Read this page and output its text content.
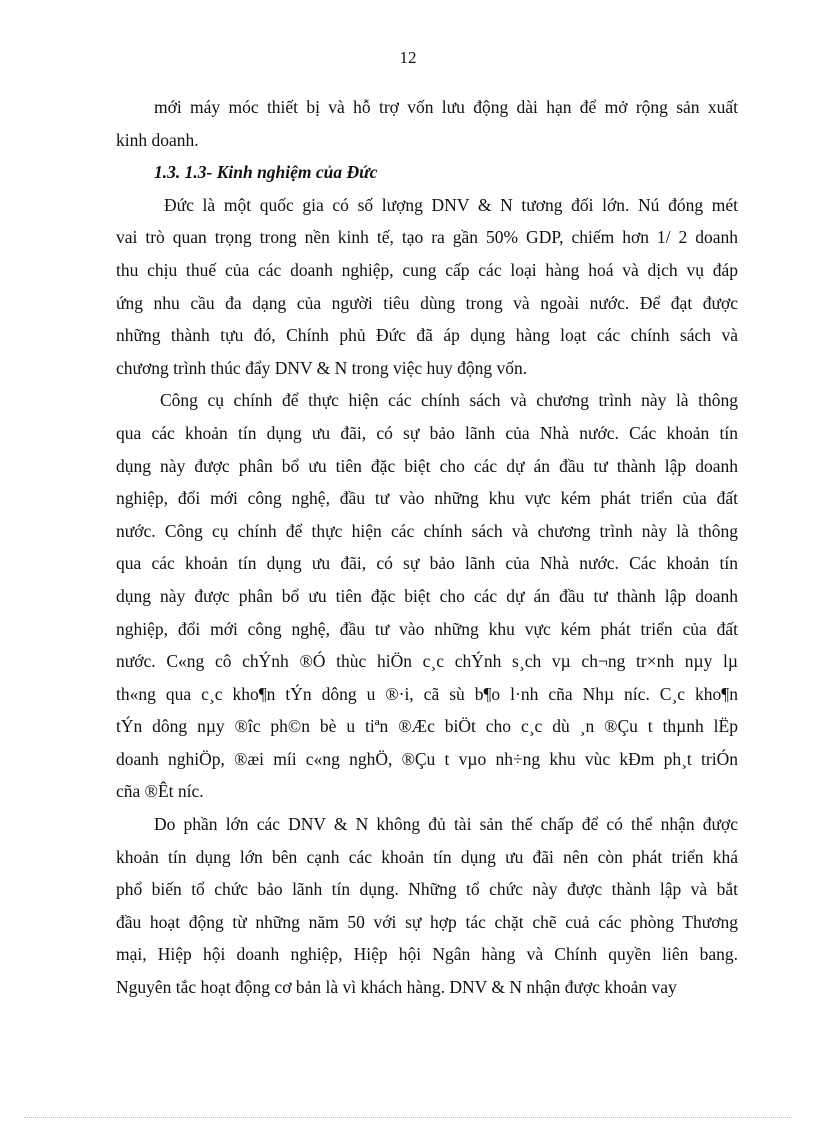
12
mới máy móc thiết bị và hỗ trợ vốn lưu động dài hạn để mở rộng sản xuất
kinh doanh.
1.3. 1.3- Kinh nghiệm của Đức
Đức là một quốc gia có số lượng DNV & N tương đối lớn. Nú đóng mét
vai trò quan trọng trong nền kinh tế, tạo ra gần 50% GDP, chiếm hơn 1/ 2 doanh
thu chịu thuế của các doanh nghiệp, cung cấp các loại hàng hoá và dịch vụ đáp
ứng nhu cầu đa dạng của người tiêu dùng trong và ngoài nước. Để đạt được
những thành tựu đó, Chính phủ Đức đã áp dụng hàng loạt các chính sách và
chương trình thúc đẩy DNV & N trong việc huy động vốn.
Công cụ chính để thực hiện các chính sách và chương trình này là thông
qua các khoản tín dụng ưu đãi, có sự bảo lãnh của Nhà nước. Các khoản tín
dụng này được phân bổ ưu tiên đặc biệt cho các dự án đầu tư thành lập doanh
nghiệp, đổi mới công nghệ, đầu tư vào những khu vực kém phát triển của đất
nước. Công cụ chính để thực hiện các chính sách và chương trình này là thông
qua các khoản tín dụng ưu đãi, có sự bảo lãnh của Nhà nước. Các khoản tín
dụng này được phân bổ ưu tiên đặc biệt cho các dự án đầu tư thành lập doanh
nghiệp, đổi mới công nghệ, đầu tư vào những khu vực kém phát triển của đất
nước. C«ng cô chÝnh ®Ó thùc hiÖn c¸c chÝnh s¸ch vµ ch¬ng tr×nh nµy lµ
th«ng qua c¸c kho¶n tÝn dông u ®·i, cã sù b¶o l·nh cña Nhµ níc. C¸c kho¶n
tÝn dông nµy ®îc ph©n bè u tiªn ®Æc biÖt cho c¸c dù ¸n ®Çu t thµnh lËp
doanh nghiÖp, ®æi míi c«ng nghÖ, ®Çu t vµo nh÷ng khu vùc kÐm ph¸t triÓn
cña ®Êt níc.
Do phần lớn các DNV & N không đủ tài sản thế chấp để có thể nhận được
khoản tín dụng lớn bên cạnh các khoản tín dụng ưu đãi nên còn phát triển khá
phổ biến tổ chức bảo lãnh tín dụng. Những tổ chức này được thành lập và bắt
đầu hoạt động từ những năm 50 với sự hợp tác chặt chẽ cuả các phòng Thương
mại, Hiệp hội doanh nghiệp, Hiệp hội Ngân hàng và Chính quyền liên bang.
Nguyên tắc hoạt động cơ bản là vì khách hàng. DNV & N nhận được khoản vay
